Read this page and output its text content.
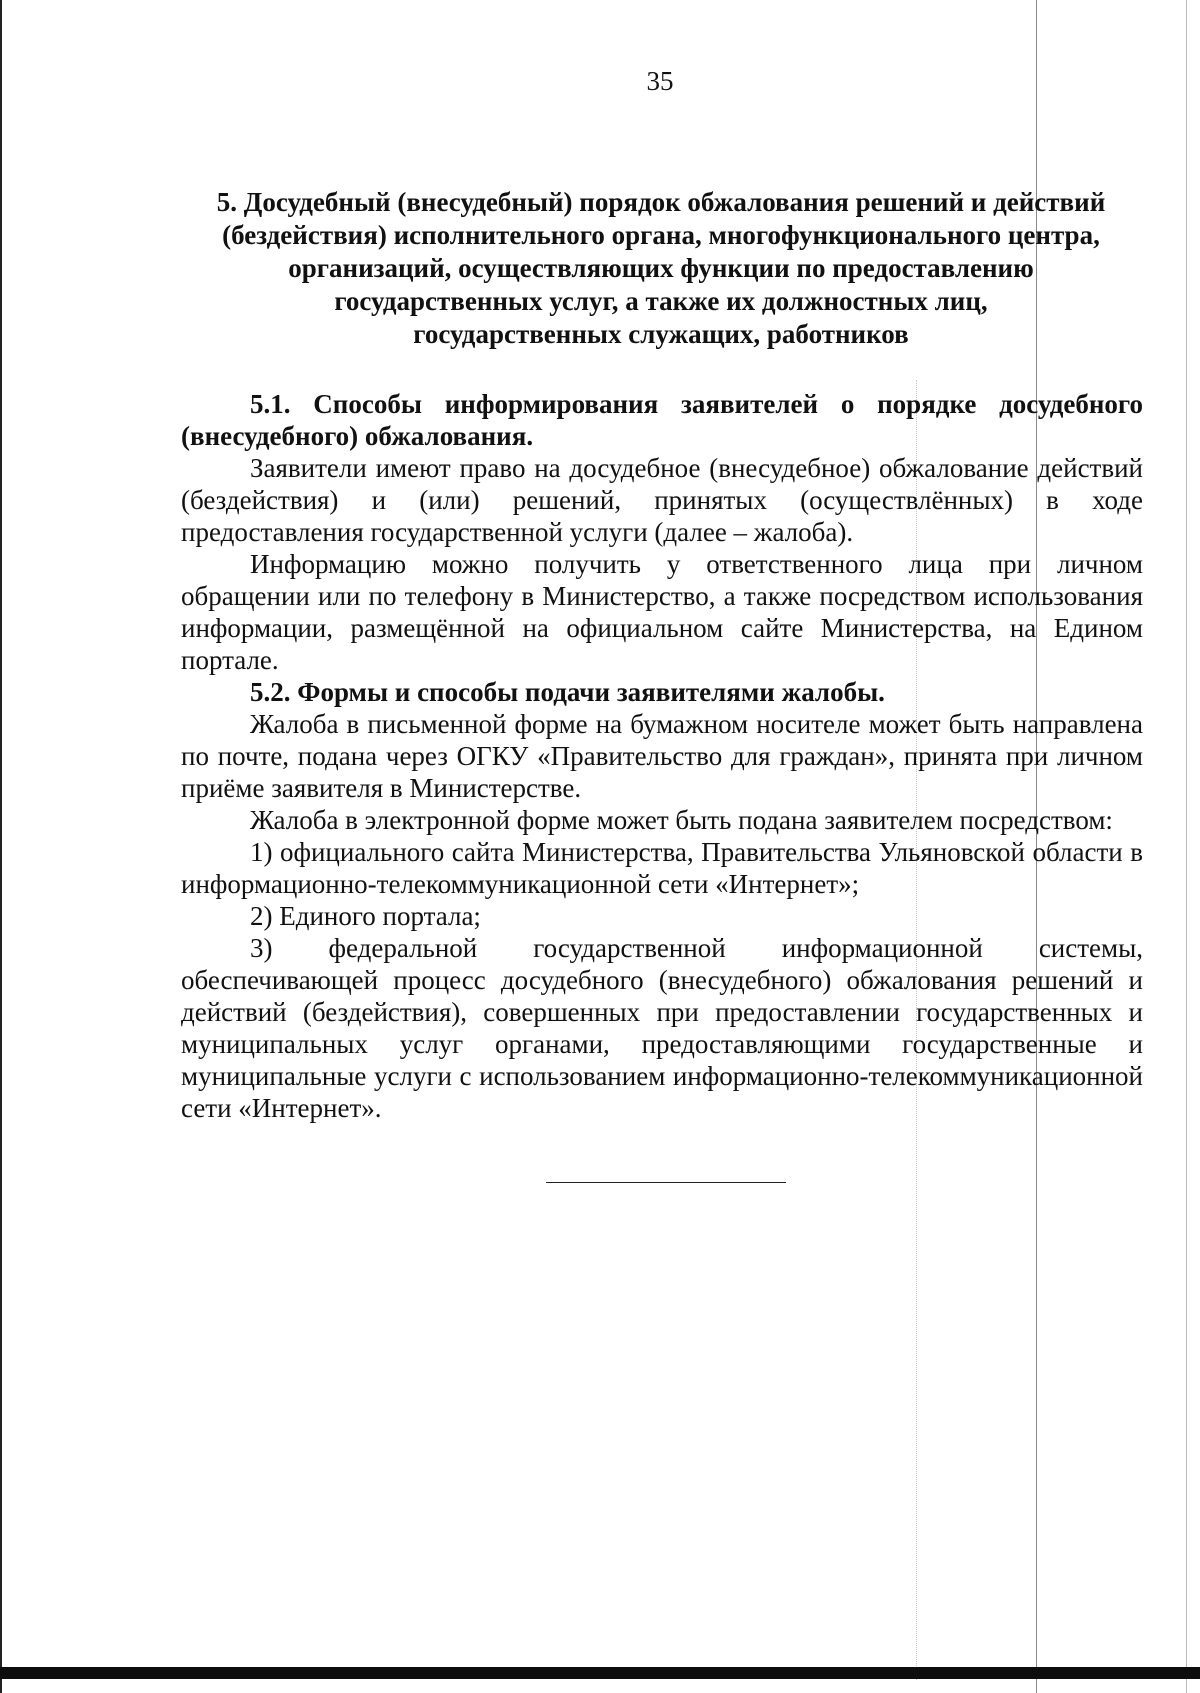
35
5. Досудебный (внесудебный) порядок обжалования решений и действий
(бездействия) исполнительного органа, многофункционального центра,
организаций, осуществляющих функции по предоставлению
государственных услуг, а также их должностных лиц,
государственных служащих, работников

5.1. Способы информирования заявителей о порядке досудебного (внесудебного) обжалования.

Заявители имеют право на досудебное (внесудебное) обжалование действий (бездействия) и (или) решений, принятых (осуществлённых) в ходе предоставления государственной услуги (далее – жалоба).

Информацию можно получить у ответственного лица при личном обращении или по телефону в Министерство, а также посредством использования информации, размещённой на официальном сайте Министерства, на Едином портале.

5.2. Формы и способы подачи заявителями жалобы.

Жалоба в письменной форме на бумажном носителе может быть направлена по почте, подана через ОГКУ «Правительство для граждан», принята при личном приёме заявителя в Министерстве.

Жалоба в электронной форме может быть подана заявителем посредством:

1) официального сайта Министерства, Правительства Ульяновской области в информационно-телекоммуникационной сети «Интернет»;

2) Единого портала;

3) федеральной государственной информационной системы, обеспечивающей процесс досудебного (внесудебного) обжалования решений и действий (бездействия), совершенных при предоставлении государственных и муниципальных услуг органами, предоставляющими государственные и муниципальные услуги с использованием информационно-телекоммуникационной сети «Интернет».
